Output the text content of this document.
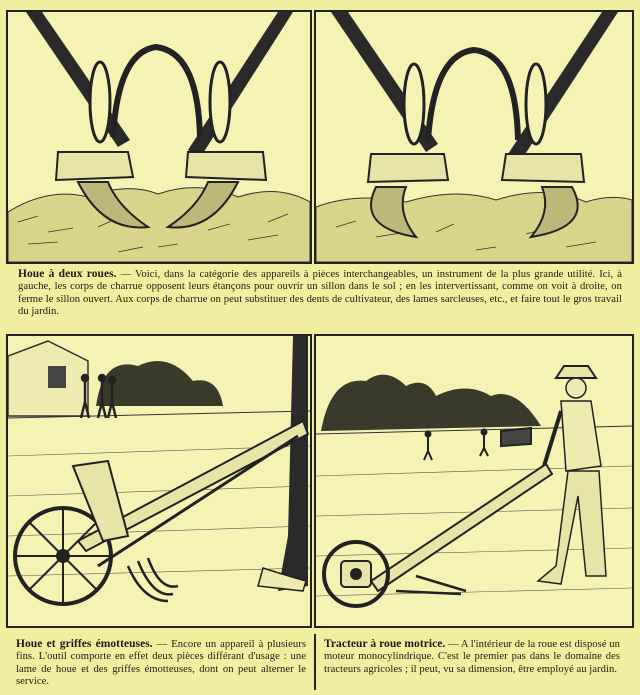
Houe à deux roues. — Voici, dans la catégorie des appareils à pièces interchangeables, un instrument de la plus grande utilité. Ici, à gauche, les corps de charrue opposent leurs étançons pour ouvrir un sillon dans le sol ; en les intervertissant, comme on voit à droite, on ferme le sillon ouvert. Aux corps de charrue on peut substituer des dents de cultivateur, des lames sarcleuses, etc., et faire tout le gros travail du jardin.
Houe et griffes émotteuses. — Encore un appareil à plusieurs fins. L'outil comporte en effet deux pièces différant d'usage : une lame de houe et des griffes émotteuses, dont on peut alterner le service.
Tracteur à roue motrice. — A l'intérieur de la roue est disposé un moteur monocylindrique. C'est le premier pas dans le domaine des tracteurs agricoles ; il peut, vu sa dimension, être employé au jardin.
